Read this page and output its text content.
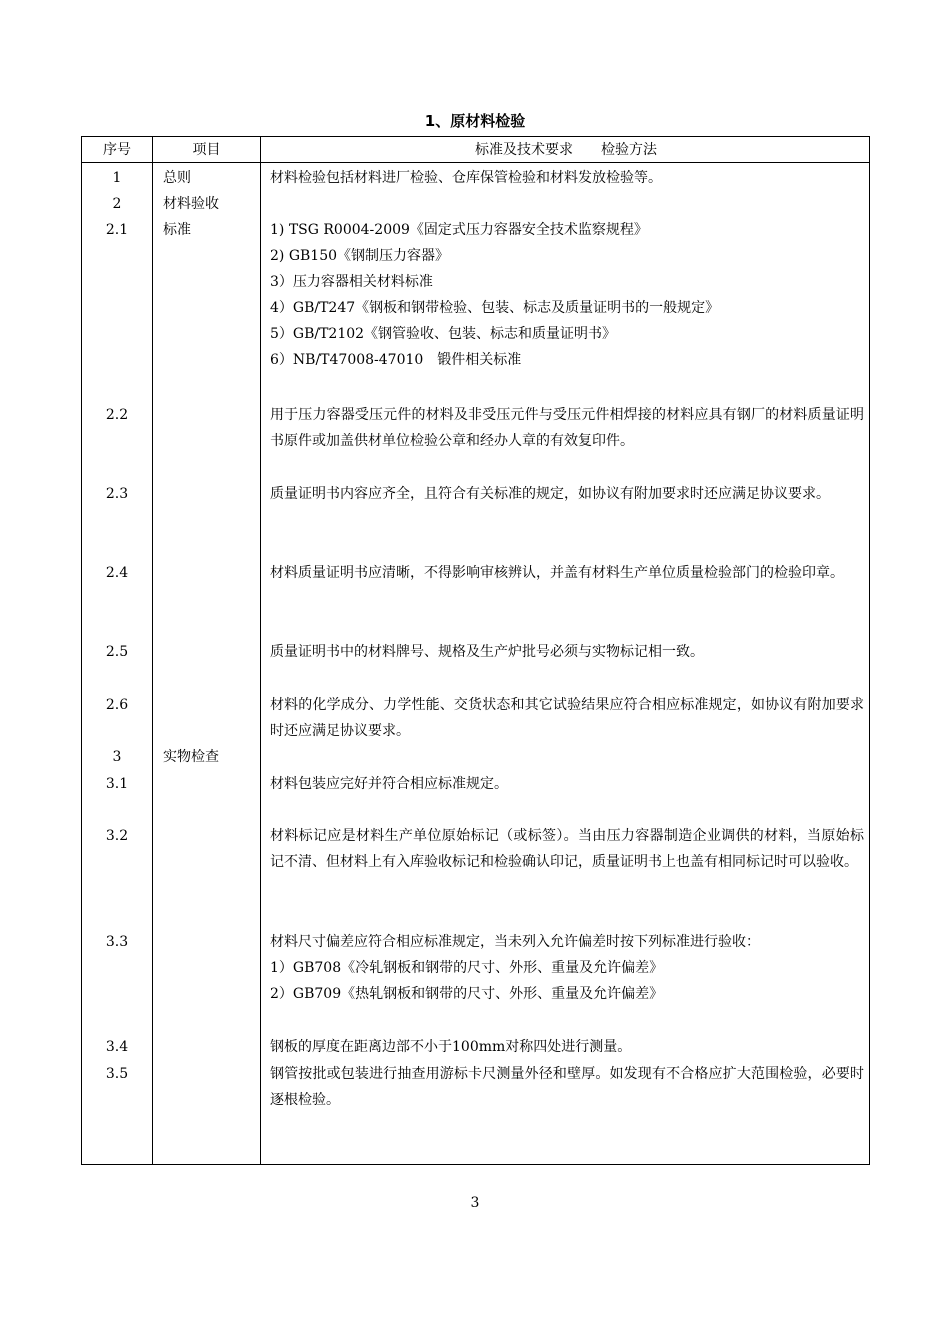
1、原材料检验
序号	项目	标准及技术要求　　检验方法
1
2
2.1
2.2
2.3
2.4
2.5
2.6
3
3.1
3.2
3.3
3.4
3.5
总则
材料验收
标准
实物检查
材料检验包括材料进厂检验、仓库保管检验和材料发放检验等。
1) TSG R0004-2009《固定式压力容器安全技术监察规程》
2) GB150《钢制压力容器》
3）压力容器相关材料标准
4）GB/T247《钢板和钢带检验、包装、标志及质量证明书的一般规定》
5）GB/T2102《钢管验收、包装、标志和质量证明书》
6）NB/T47008-47010　锻件相关标准
用于压力容器受压元件的材料及非受压元件与受压元件相焊接的材料应具有钢厂的材料质量证明书原件或加盖供材单位检验公章和经办人章的有效复印件。
质量证明书内容应齐全，且符合有关标准的规定，如协议有附加要求时还应满足协议要求。
材料质量证明书应清晰，不得影响审核辨认，并盖有材料生产单位质量检验部门的检验印章。
质量证明书中的材料牌号、规格及生产炉批号必须与实物标记相一致。
材料的化学成分、力学性能、交货状态和其它试验结果应符合相应标准规定，如协议有附加要求时还应满足协议要求。
材料包装应完好并符合相应标准规定。
材料标记应是材料生产单位原始标记（或标签）。当由压力容器制造企业调供的材料，当原始标记不清、但材料上有入库验收标记和检验确认印记，质量证明书上也盖有相同标记时可以验收。
材料尺寸偏差应符合相应标准规定，当未列入允许偏差时按下列标准进行验收：
1）GB708《冷轧钢板和钢带的尺寸、外形、重量及允许偏差》
2）GB709《热轧钢板和钢带的尺寸、外形、重量及允许偏差》
钢板的厚度在距离边部不小于100mm对称四处进行测量。
钢管按批或包装进行抽查用游标卡尺测量外径和壁厚。如发现有不合格应扩大范围检验，必要时逐根检验。
3
